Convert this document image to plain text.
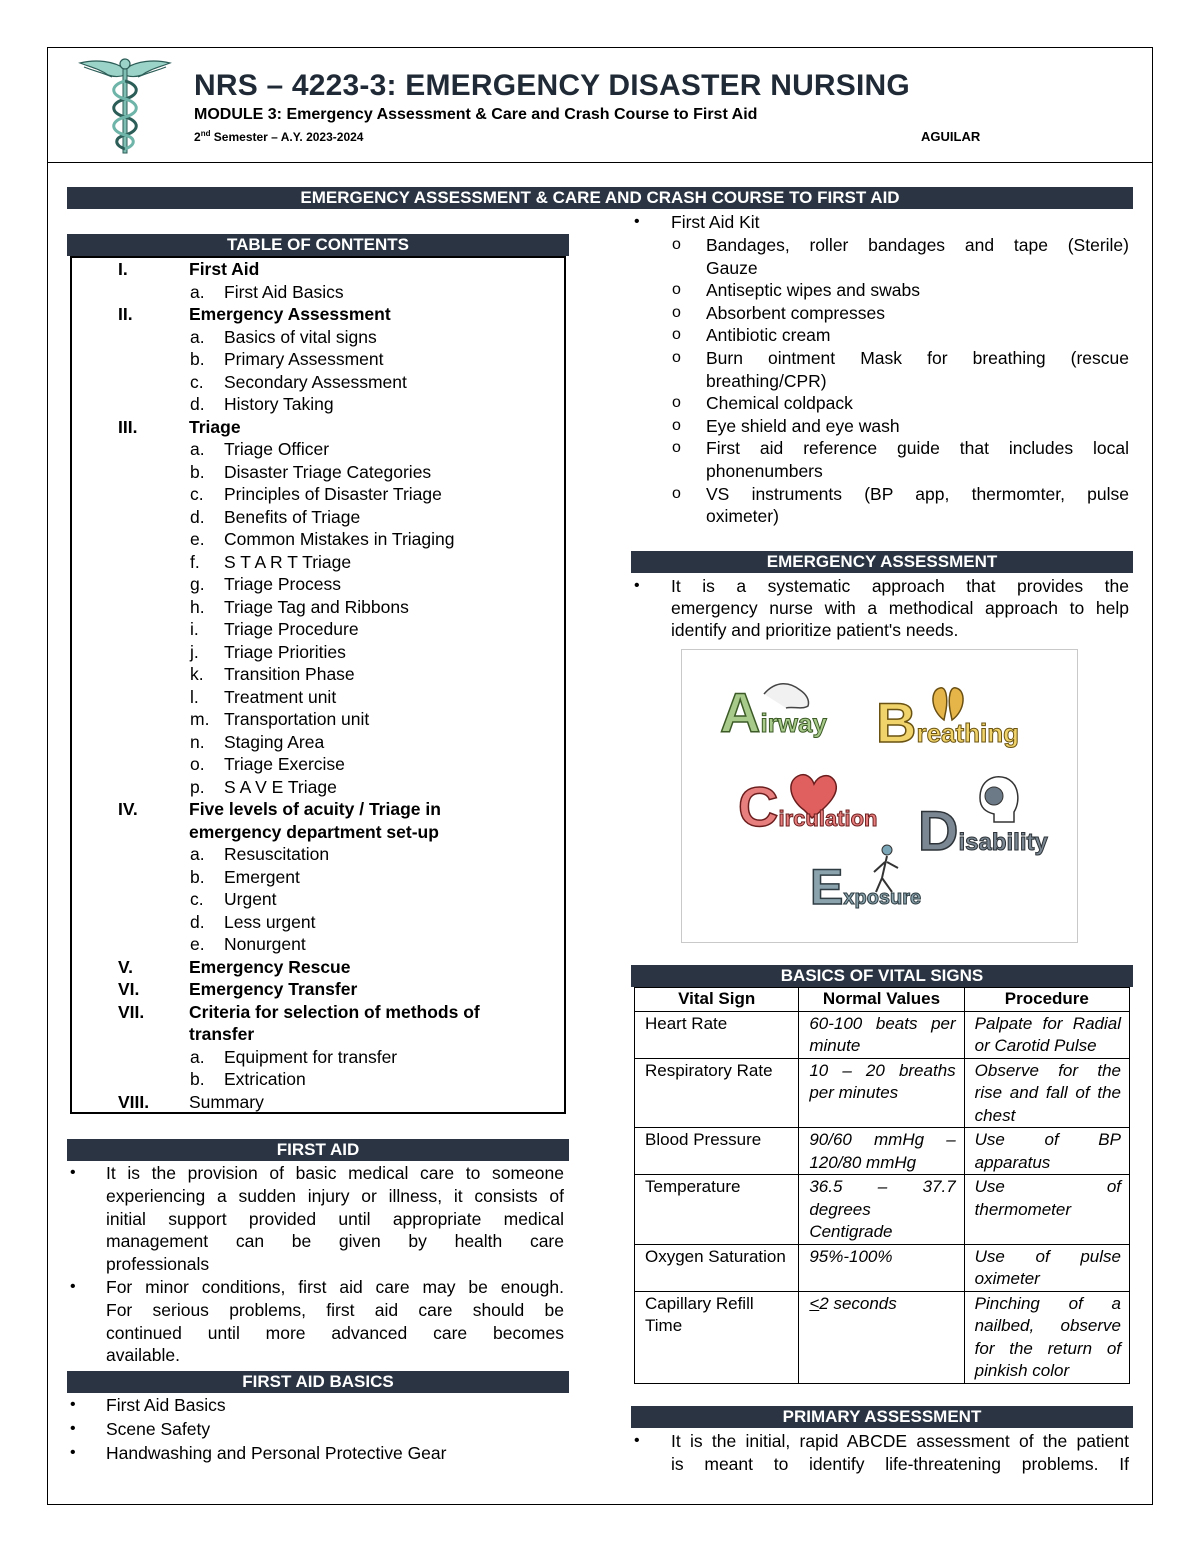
NRS – 4223-3: EMERGENCY DISASTER NURSING
MODULE 3: Emergency Assessment & Care and Crash Course to First Aid
2nd Semester – A.Y. 2023-2024	AGUILAR
EMERGENCY ASSESSMENT & CARE AND CRASH COURSE TO FIRST AID
TABLE OF CONTENTS
I.	First Aid
a. First Aid Basics
II.	Emergency Assessment
a. Basics of vital signs
b. Primary Assessment
c. Secondary Assessment
d. History Taking
III.	Triage
a. Triage Officer
b. Disaster Triage Categories
c. Principles of Disaster Triage
d. Benefits of Triage
e. Common Mistakes in Triaging
f. S T A R T Triage
g. Triage Process
h. Triage Tag and Ribbons
i. Triage Procedure
j. Triage Priorities
k. Transition Phase
l. Treatment unit
m. Transportation unit
n. Staging Area
o. Triage Exercise
p. S A V E Triage
IV.	Five levels of acuity / Triage in
emergency department set-up
a. Resuscitation
b. Emergent
c. Urgent
d. Less urgent
e. Nonurgent
V.	Emergency Rescue
VI.	Emergency Transfer
VII.	Criteria for selection of methods of
transfer
a. Equipment for transfer
b. Extrication
VIII. Summary
FIRST AID
• It is the provision of basic medical care to someone
experiencing a sudden injury or illness, it consists of
initial support provided until appropriate medical
management can be given by health care
professionals
• For minor conditions, first aid care may be enough.
For serious problems, first aid care should be
continued until more advanced care becomes
available.
FIRST AID BASICS
• First Aid Basics
• Scene Safety
• Handwashing and Personal Protective Gear
• First Aid Kit
o Bandages, roller bandages and tape (Sterile)
Gauze
o Antiseptic wipes and swabs
o Absorbent compresses
o Antibiotic cream
o Burn ointment Mask for breathing (rescue
breathing/CPR)
o Chemical coldpack
o Eye shield and eye wash
o First aid reference guide that includes local
phonenumbers
o VS instruments (BP app, thermomter, pulse
oximeter)
EMERGENCY ASSESSMENT
• It is a systematic approach that provides the
emergency nurse with a methodical approach to help
identify and prioritize patient's needs.
Airway Breathing
Circulation Disability
Exposure
BASICS OF VITAL SIGNS
Vital Sign	Normal Values	Procedure
Heart Rate	60-100 beats per minute	Palpate for Radial or Carotid Pulse
Respiratory Rate	10 – 20 breaths per minutes	Observe for the rise and fall of the chest
Blood Pressure	90/60 mmHg – 120/80 mmHg	Use of BP apparatus
Temperature	36.5 – 37.7 degrees Centigrade	Use of thermometer
Oxygen Saturation	95%-100%	Use of pulse oximeter
Capillary Refill Time	<2 seconds	Pinching of a nailbed, observe for the return of pinkish color
PRIMARY ASSESSMENT
• It is the initial, rapid ABCDE assessment of the patient
is meant to identify life-threatening problems. If
